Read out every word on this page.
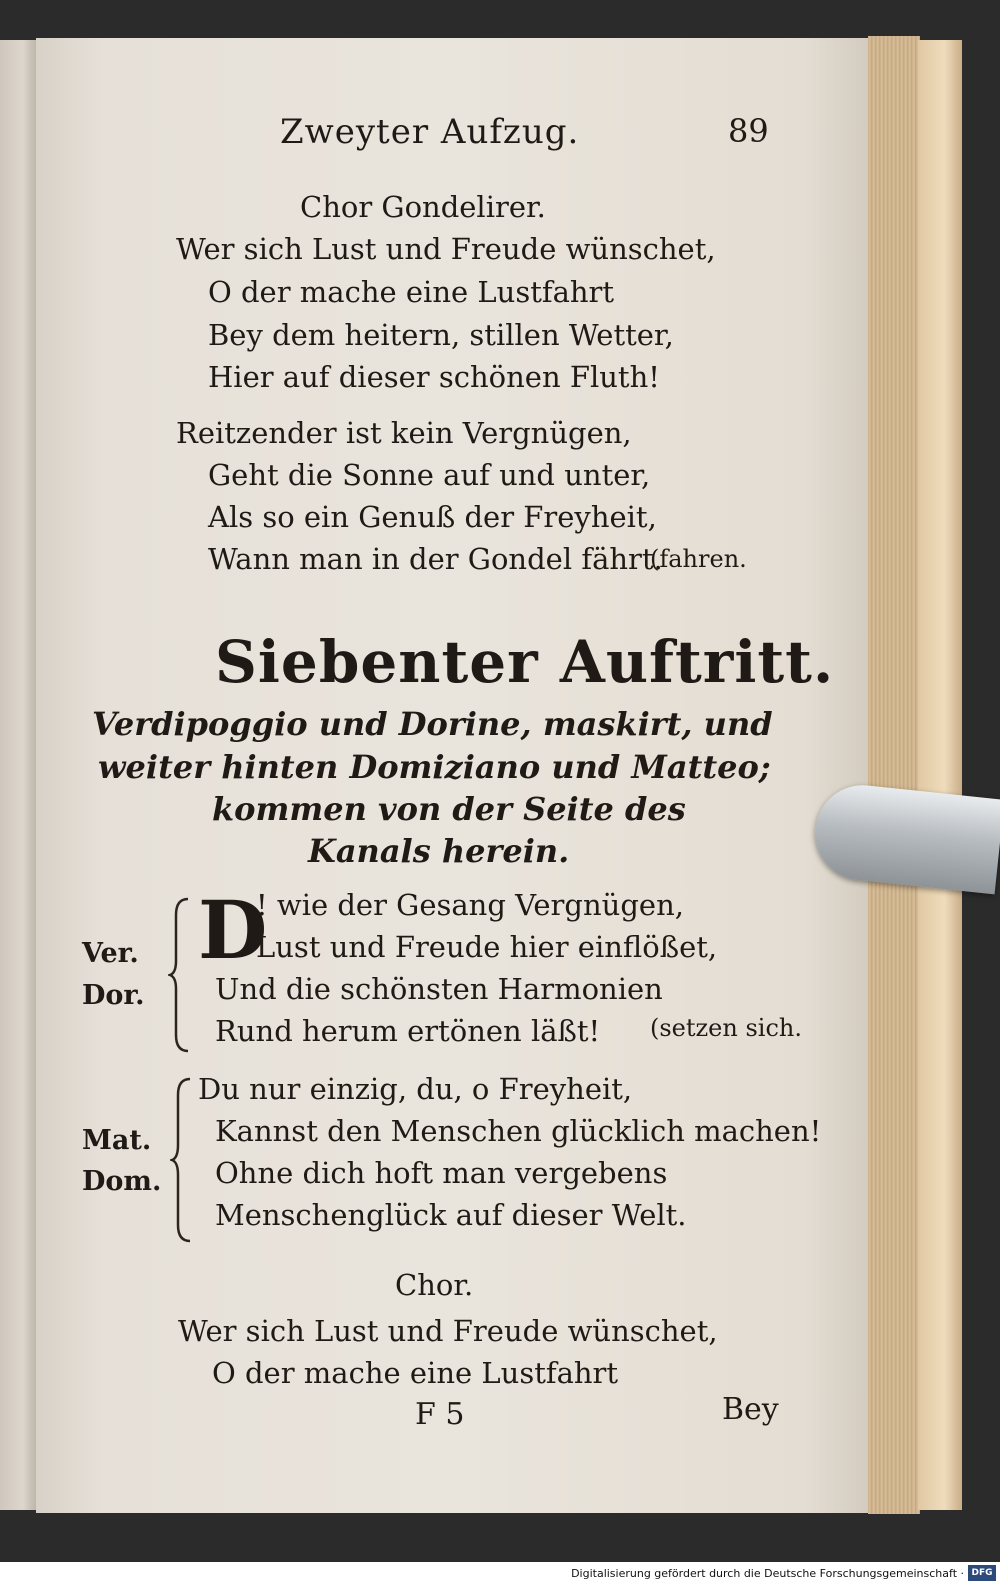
Zweyter Aufzug.	89
Chor Gondelirer.
Wer sich Lust und Freude wünschet,
O der mache eine Lustfahrt
Bey dem heitern, stillen Wetter,
Hier auf dieser schönen Fluth!
Reitzender ist kein Vergnügen,
Geht die Sonne auf und unter,
Als so ein Genuß der Freyheit,
Wann man in der Gondel fährt.
(fahren.
Siebenter Auftritt.
Verdipoggio und Dorine, maskirt, und
weiter hinten Domiziano und Matteo;
kommen von der Seite des
Kanals herein.
Ver.
Dor.
D
! wie der Gesang Vergnügen,
Lust und Freude hier einflößet,
Und die schönsten Harmonien
Rund herum ertönen läßt! (setzen sich.
Mat.
Dom.
Du nur einzig, du, o Freyheit,
Kannst den Menschen glücklich machen!
Ohne dich hoft man vergebens
Menschenglück auf dieser Welt.
Chor.
Wer sich Lust und Freude wünschet,
O der mache eine Lustfahrt
F 5	Bey
Digitalisierung gefördert durch die Deutsche Forschungsgemeinschaft · DFG
